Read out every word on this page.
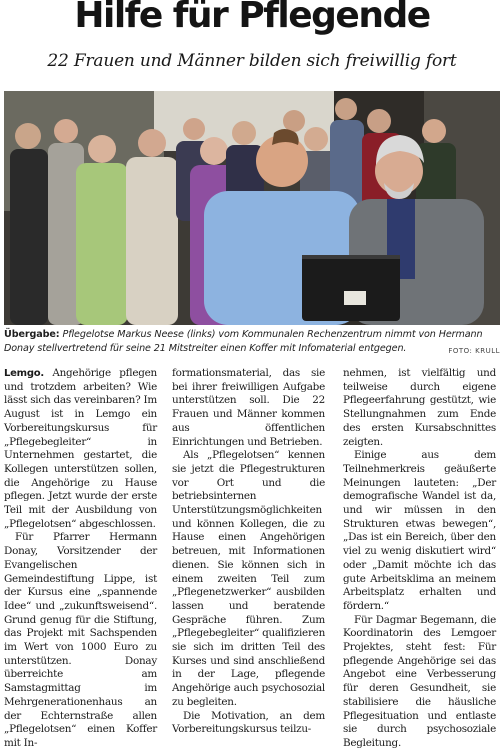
Hilfe für Pflegende
22 Frauen und Männer bilden sich freiwillig fort
Übergabe: Pflegelotse Markus Neese (links) vom Kommunalen Rechenzentrum nimmt von Hermann Donay stellvertretend für seine 21 Mitstreiter einen Koffer mit Infomaterial entgegen.	FOTO: KRULL

Lemgo. Angehörige pflegen und trotzdem arbeiten? Wie lässt sich das vereinbaren? Im August ist in Lemgo ein Vorbereitungskursus für „Pflegebegleiter“ in Unternehmen gestartet, die Kollegen unterstützen sollen, die Angehörige zu Hause pflegen. Jetzt wurde der erste Teil mit der Ausbildung von „Pflegelotsen“ abgeschlossen.

Für Pfarrer Hermann Donay, Vorsitzender der Evangelischen Gemeindestiftung Lippe, ist der Kursus eine „spannende Idee“ und „zukunftsweisend“. Grund genug für die Stiftung, das Projekt mit Sachspenden im Wert von 1000 Euro zu unterstützen. Donay überreichte am Samstagmittag im Mehrgenerationenhaus an der Echternstraße allen „Pflegelotsen“ einen Koffer mit In-

formationsmaterial, das sie bei ihrer freiwilligen Aufgabe unterstützen soll. Die 22 Frauen und Männer kommen aus öffentlichen Einrichtungen und Betrieben.

Als „Pflegelotsen“ kennen sie jetzt die Pflegestrukturen vor Ort und die betriebsinternen Unterstützungsmöglichkeiten und können Kollegen, die zu Hause einen Angehörigen betreuen, mit Informationen dienen. Sie können sich in einem zweiten Teil zum „Pflegenetzwerker“ ausbilden lassen und beratende Gespräche führen. Zum „Pflegebegleiter“ qualifizieren sie sich im dritten Teil des Kurses und sind anschließend in der Lage, pflegende Angehörige auch psychosozial zu begleiten.

Die Motivation, an dem Vorbereitungskursus teilzu-

nehmen, ist vielfältig und teilweise durch eigene Pflegeerfahrung gestützt, wie Stellungnahmen zum Ende des ersten Kursabschnittes zeigten.

Einige aus dem Teilnehmerkreis geäußerte Meinungen lauteten: „Der demografische Wandel ist da, und wir müssen in den Strukturen etwas bewegen“, „Das ist ein Bereich, über den viel zu wenig diskutiert wird“ oder „Damit möchte ich das gute Arbeitsklima an meinem Arbeitsplatz erhalten und fördern.“

Für Dagmar Begemann, die Koordinatorin des Lemgoer Projektes, steht fest: Für pflegende Angehörige sei das Angebot eine Verbesserung für deren Gesundheit, sie stabilisiere die häusliche Pflegesituation und entlaste sie durch psychosoziale Begleitung.
